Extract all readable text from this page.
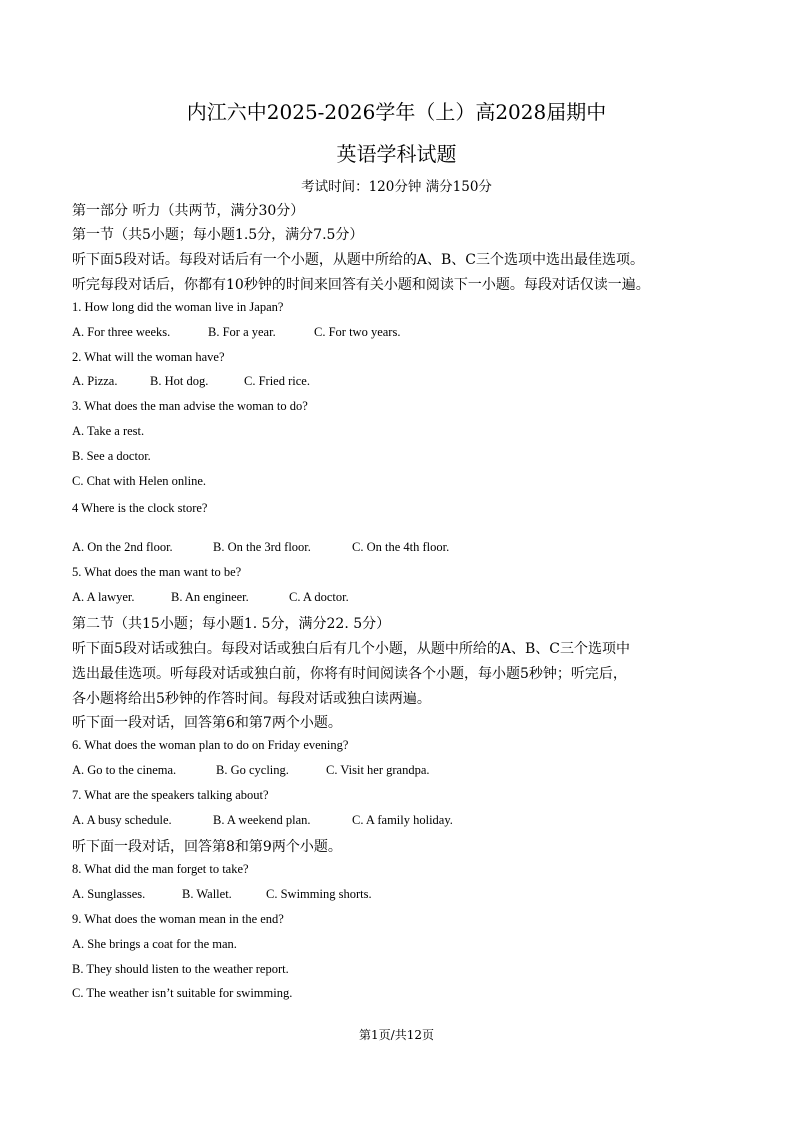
内江六中2025-2026学年（上）高2028届期中
英语学科试题
考试时间：120分钟 满分150分
第一部分 听力（共两节，满分30分）
第一节（共5小题；每小题1.5分，满分7.5分）
听下面5段对话。每段对话后有一个小题，从题中所给的A、B、C三个选项中选出最佳选项。
听完每段对话后，你都有10秒钟的时间来回答有关小题和阅读下一小题。每段对话仅读一遍。
1. How long did the woman live in Japan?
A. For three weeks.	B. For a year.	C. For two years.
2. What will the woman have?
A. Pizza.	B. Hot dog.	C. Fried rice.
3. What does the man advise the woman to do?
A. Take a rest.
B. See a doctor.
C. Chat with Helen online.
4 Where is the clock store?
A. On the 2nd floor.	B. On the 3rd floor.	C. On the 4th floor.
5. What does the man want to be?
A. A lawyer.	B. An engineer.	C. A doctor.
第二节（共15小题；每小题1. 5分，满分22. 5分）
听下面5段对话或独白。每段对话或独白后有几个小题，从题中所给的A、B、C三个选项中
选出最佳选项。听每段对话或独白前，你将有时间阅读各个小题，每小题5秒钟；听完后，
各小题将给出5秒钟的作答时间。每段对话或独白读两遍。
听下面一段对话，回答第6和第7两个小题。
6. What does the woman plan to do on Friday evening?
A. Go to the cinema.	B. Go cycling.	C. Visit her grandpa.
7. What are the speakers talking about?
A. A busy schedule.	B. A weekend plan.	C. A family holiday.
听下面一段对话，回答第8和第9两个小题。
8. What did the man forget to take?
A. Sunglasses.	B. Wallet.	C. Swimming shorts.
9. What does the woman mean in the end?
A. She brings a coat for the man.
B. They should listen to the weather report.
C. The weather isn’t suitable for swimming.
第1页/共12页
